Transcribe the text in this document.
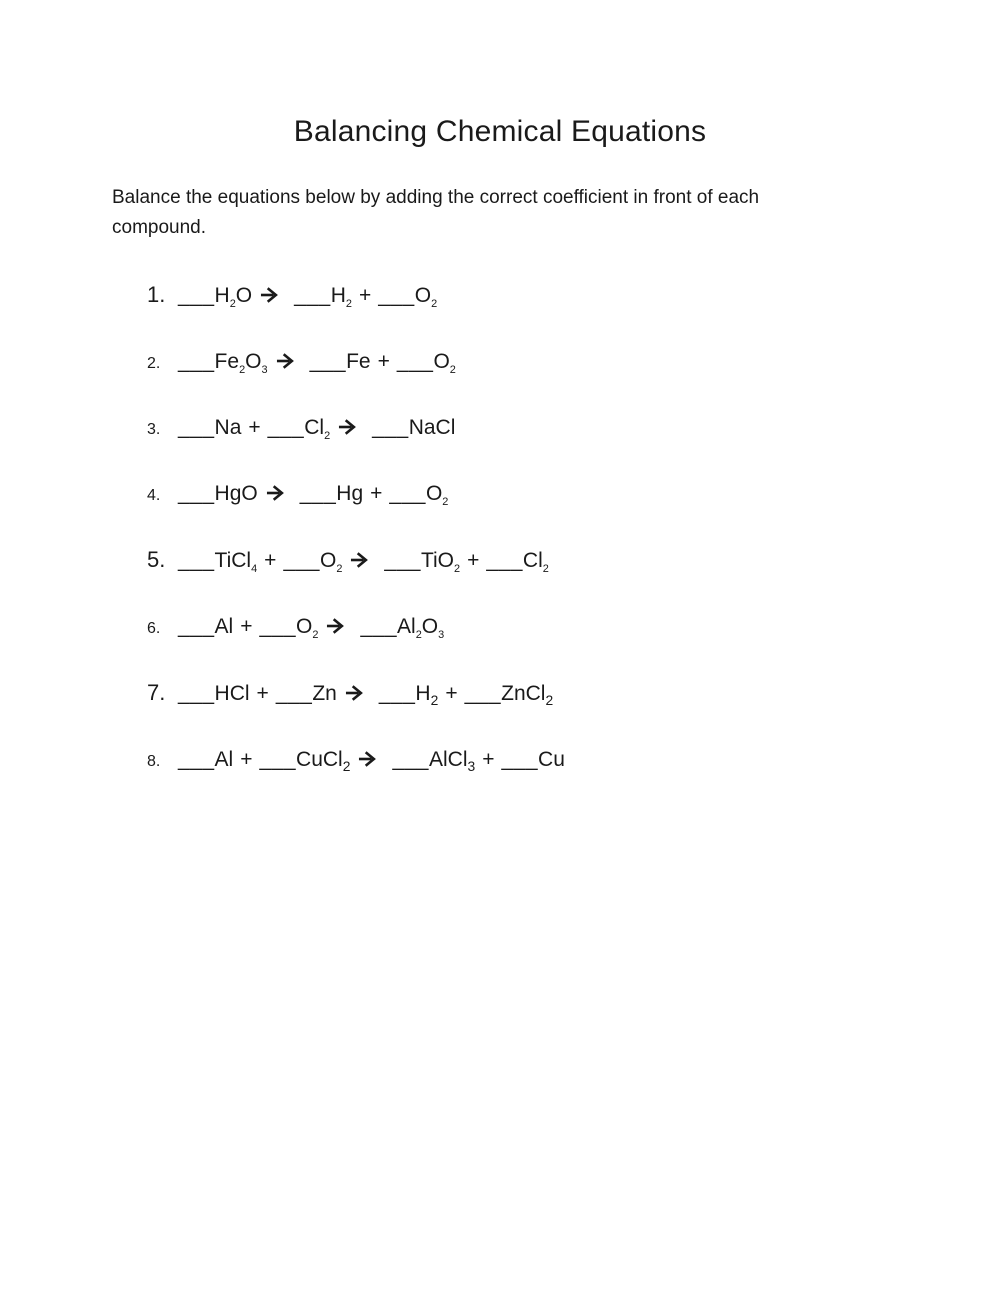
Balancing Chemical Equations

Balance the equations below by adding the correct coefficient in front of each compound.

1. $\_\_\_H_2O$ $\_\_\_H_2$ + $\_\_\_O_2$
2. $\_\_\_Fe_2O_3$ ___Fe + $\_\_\_O_2$
3. ___Na + $\_\_\_Cl_2$ ___NaCl
4. ___HgO ___Hg + $\_\_\_O_2$
5. ___TiCl$_4$ + $\_\_\_O_2$ ___TiO$_2$ + $\_\_\_Cl_2$
6. ___Al + $\_\_\_O_2$ $\_\_\_Al_2O_3$
7. ___HCl + ___Zn $\_\_\_H_2$ + ___ZnCl$_2$
8. ___Al + ___CuCl$_2$ ___AlCl$_3$ + ___Cu
